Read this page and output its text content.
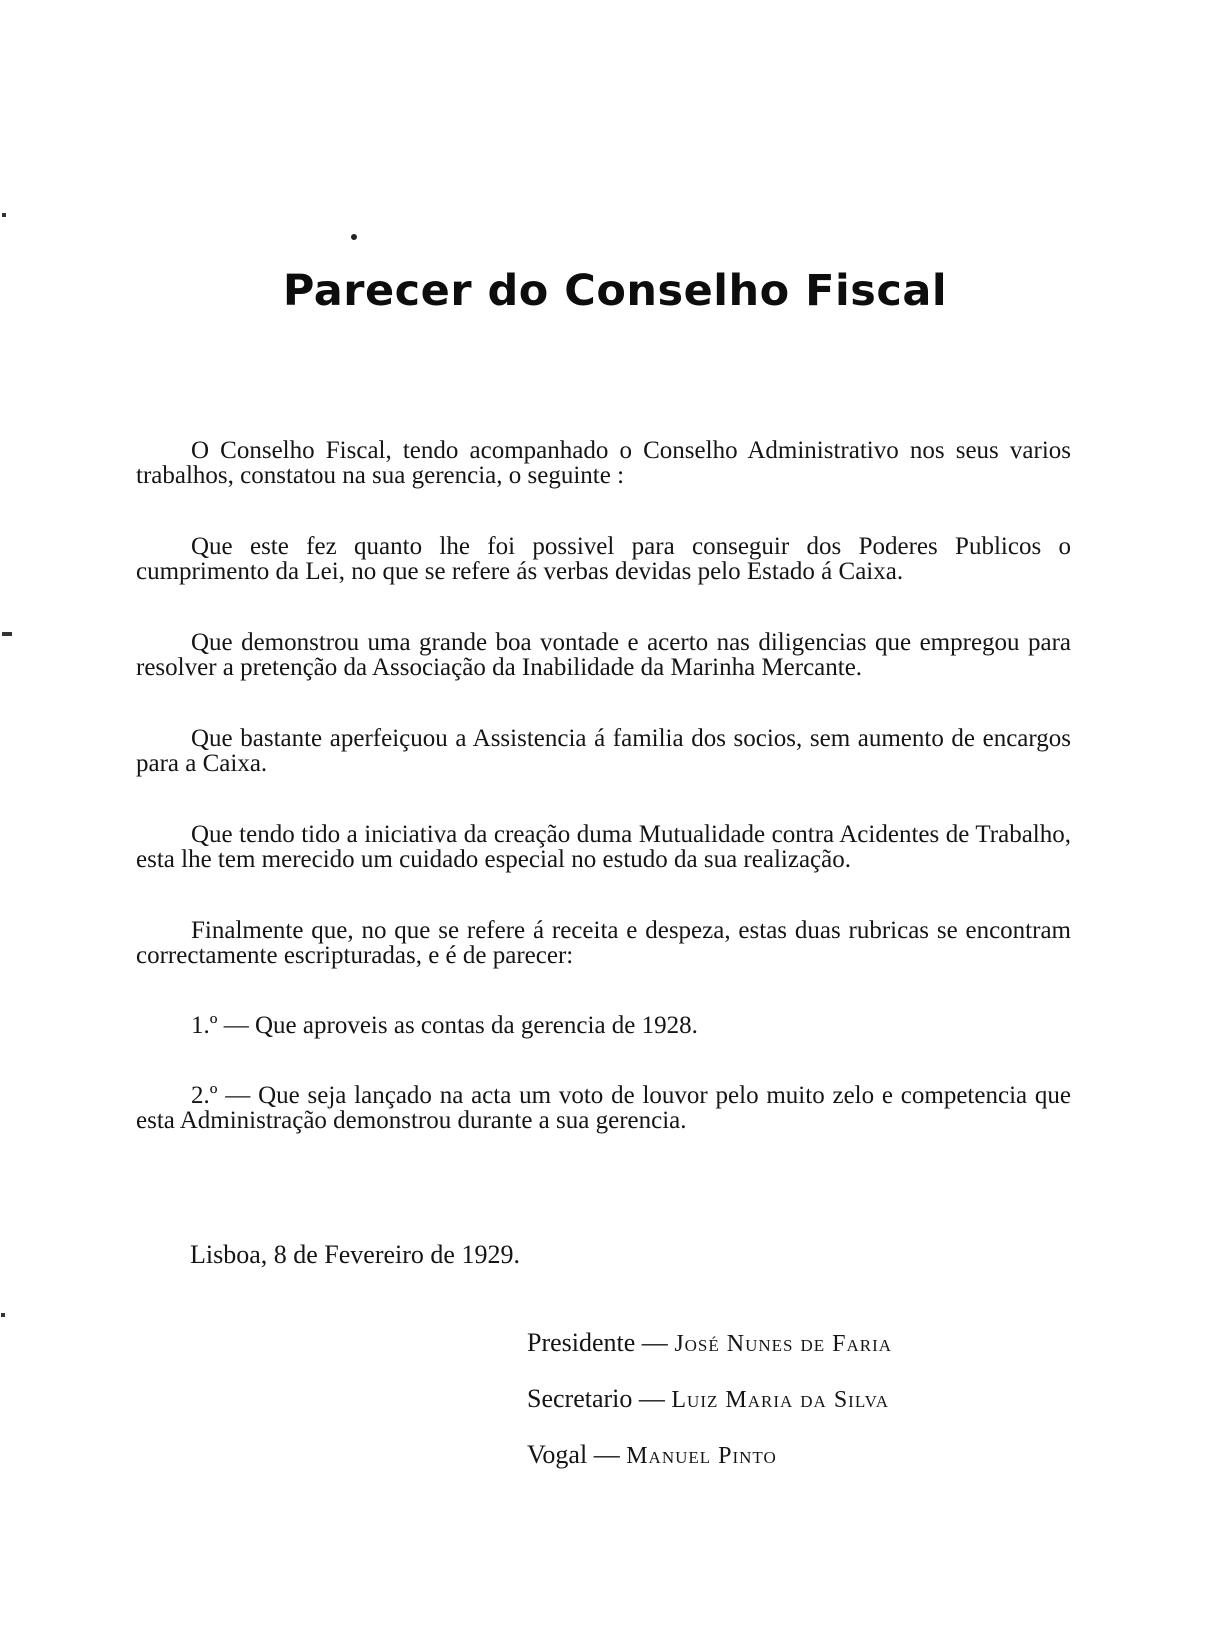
Parecer do Conselho Fiscal

O Conselho Fiscal, tendo acompanhado o Conselho Administrativo nos seus varios trabalhos, constatou na sua gerencia, o seguinte :

Que este fez quanto lhe foi possivel para conseguir dos Poderes Publicos o cumprimento da Lei, no que se refere ás verbas devidas pelo Estado á Caixa.

Que demonstrou uma grande boa vontade e acerto nas diligencias que empregou para resolver a pretenção da Associação da Inabilidade da Marinha Mercante.

Que bastante aperfeiçuou a Assistencia á familia dos socios, sem aumento de encargos para a Caixa.

Que tendo tido a iniciativa da creação duma Mutualidade contra Acidentes de Trabalho, esta lhe tem merecido um cuidado especial no estudo da sua realização.

Finalmente que, no que se refere á receita e despeza, estas duas rubricas se encontram correctamente escripturadas, e é de parecer:

1.º — Que aproveis as contas da gerencia de 1928.

2.º — Que seja lançado na acta um voto de louvor pelo muito zelo e competencia que esta Administração demonstrou durante a sua gerencia.

Lisboa, 8 de Fevereiro de 1929.

Presidente — José Nunes de Faria

Secretario — Luiz Maria da Silva

Vogal — Manuel Pinto
